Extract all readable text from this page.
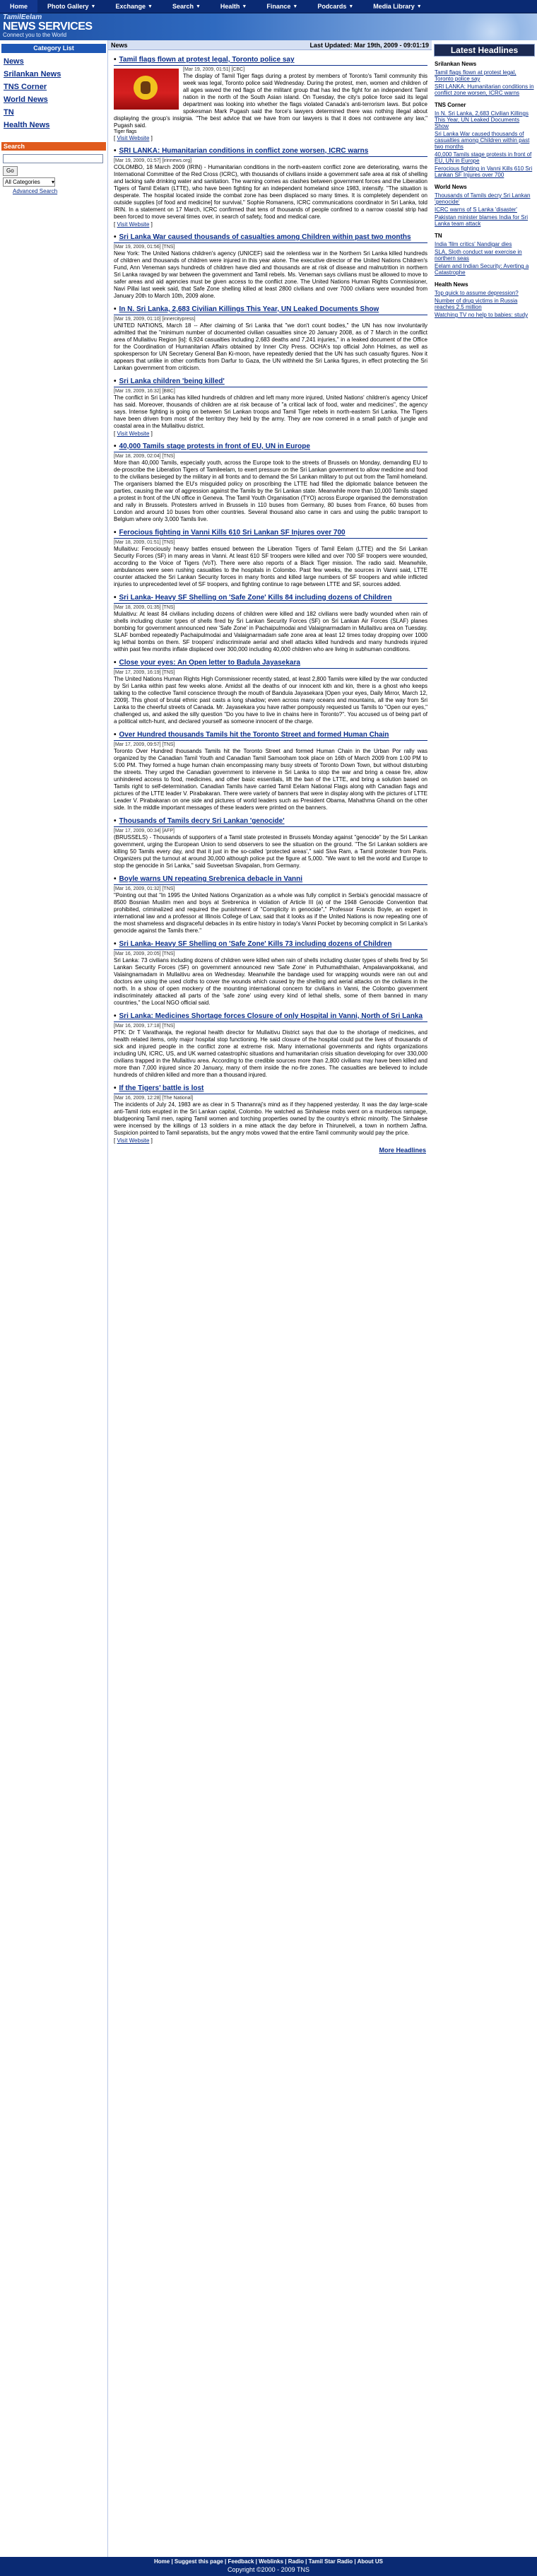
Home	Photo Gallery ▼	Exchange ▼	Search ▼	Health ▼	Finance ▼	Podcards ▼	Media Library ▼
TamilEelam
NEWS SERVICES
Connect you to the World
Category List
News
Srilankan News
TNS Corner
World News
TN
Health News
Search
Go
All Categories ▾
Advanced Search
News	Last Updated: Mar 19th, 2009 - 09:01:19
• Tamil flags flown at protest legal, Toronto police say
[Mar 19, 2009, 01:51] [CBC]
The display of Tamil Tiger flags during a protest by members of Toronto's Tamil community this week was legal, Toronto police said Wednesday. During the protest, men, women and children of all ages waved the red flags of the militant group that has led the fight for an independent Tamil nation in the north of the South Asian island. On Tuesday, the city's police force said its legal department was looking into whether the flags violated Canada's anti-terrorism laws. But police spokesman Mark Pugash said the force's lawyers determined there was nothing illegal about displaying the group's insignia. "The best advice that we have from our lawyers is that it does not contravene any law," Pugash said.
Tiger flags
[ Visit Website ]
• SRI LANKA: Humanitarian conditions in conflict zone worsen, ICRC warns
[Mar 19, 2009, 01:57] [irinnews.org]
COLOMBO, 18 March 2009 (IRIN) - Humanitarian conditions in the north-eastern conflict zone are deteriorating, warns the International Committee of the Red Cross (ICRC), with thousands of civilians inside a government safe area at risk of shelling and lacking safe drinking water and sanitation. The warning comes as clashes between government forces and the Liberation Tigers of Tamil Eelam (LTTE), who have been fighting for an independent homeland since 1983, intensify. "The situation is desperate. The hospital located inside the combat zone has been displaced so many times. It is completely dependent on outside supplies [of food and medicine] for survival," Sophie Romanens, ICRC communications coordinator in Sri Lanka, told IRIN. In a statement on 17 March, ICRC confirmed that tens of thousands of people confined to a narrow coastal strip had been forced to move several times over, in search of safety, food and medical care.
[ Visit Website ]
• Sri Lanka War caused thousands of casualties among Children within past two months
[Mar 19, 2009, 01:56] [TNS]
New York: The United Nations children's agency (UNICEF) said the relentless war in the Northern Sri Lanka killed hundreds of children and thousands of children were injured in this year alone. The executive director of the United Nations Children's Fund, Ann Veneman says hundreds of children have died and thousands are at risk of disease and malnutrition in northern Sri Lanka ravaged by war between the government and Tamil rebels. Ms. Veneman says civilians must be allowed to move to safer areas and aid agencies must be given access to the conflict zone. The United Nations Human Rights Commissioner, Navi Pillai last week said, that Safe Zone shelling killed at least 2800 civilians and over 7000 civilians were wounded from January 20th to March 10th, 2009 alone.
• In N. Sri Lanka, 2,683 Civilian Killings This Year, UN Leaked Documents Show
[Mar 19, 2009, 01:10] [innercitypress]
UNITED NATIONS, March 18 -- After claiming of Sri Lanka that "we don't count bodies," the UN has now involuntarily admitted that the "minimum number of documented civilian casualties since 20 January 2008, as of 7 March in the conflict area of Mullaitivu Region [is]: 6,924 casualties including 2,683 deaths and 7,241 injuries," in a leaked document of the Office for the Coordination of Humanitarian Affairs obtained by Inner City Press. OCHA's top official John Holmes, as well as spokesperson for UN Secretary General Ban Ki-moon, have repeatedly denied that the UN has such casualty figures. Now it appears that unlike in other conflicts from Darfur to Gaza, the UN withheld the Sri Lanka figures, in effect protecting the Sri Lankan government from criticism.
• Sri Lanka children 'being killed'
[Mar 19, 2009, 16:32] [BBC]
The conflict in Sri Lanka has killed hundreds of children and left many more injured, United Nations' children's agency Unicef has said. Moreover, thousands of children are at risk because of "a critical lack of food, water and medicines", the agency says. Intense fighting is going on between Sri Lankan troops and Tamil Tiger rebels in north-eastern Sri Lanka. The Tigers have been driven from most of the territory they held by the army. They are now cornered in a small patch of jungle and coastal area in the Mullaitivu district.
[ Visit Website ]
• 40,000 Tamils stage protests in front of EU, UN in Europe
[Mar 18, 2009, 02:04] [TNS]
More than 40,000 Tamils, especially youth, across the Europe took to the streets of Brussels on Monday, demanding EU to de-proscribe the Liberation Tigers of Tamileelam, to exert pressure on the Sri Lankan government to allow medicine and food to the civilians besieged by the military in all fronts and to demand the Sri Lankan military to put out from the Tamil homeland. The organisers blamed the EU's misguided policy on proscribing the LTTE had filled the diplomatic balance between the parties, causing the war of aggression against the Tamils by the Sri Lankan state. Meanwhile more than 10,000 Tamils staged a protest in front of the UN office in Geneva. The Tamil Youth Organisation (TYO) across Europe organised the demonstration and rally in Brussels. Protesters arrived in Brussels in 110 buses from Germany, 80 buses from France, 60 buses from London and around 10 buses from other countries. Several thousand also came in cars and using the public transport to Belgium where only 3,000 Tamils live.
• Ferocious fighting in Vanni Kills 610 Sri Lankan SF Injures over 700
[Mar 18, 2009, 01:51] [TNS]
Mullaitivu: Ferociously heavy battles ensued between the Liberation Tigers of Tamil Eelam (LTTE) and the Sri Lankan Security Forces (SF) in many areas in Vanni. At least 610 SF troopers were killed and over 700 SF troopers were wounded, according to the Voice of Tigers (VoT). There were also reports of a Black Tiger mission. The radio said. Meanwhile, ambulances were seen rushing casualties to the hospitals in Colombo. Past few weeks, the sources in Vanni said, LTTE counter attacked the Sri Lankan Security forces in many fronts and killed large numbers of SF troopers and while inflicted injuries to unprecedented level of SF troopers, and fighting continue to rage between LTTE and SF, sources added.
• Sri Lanka- Heavy SF Shelling on 'Safe Zone' Kills 84 including dozens of Children
[Mar 18, 2009, 01:35] [TNS]
Mulaitivu: At least 84 civilians including dozens of children were killed and 182 civilians were badly wounded when rain of shells including cluster types of shells fired by Sri Lankan Security Forces (SF) on Sri Lankan Air Forces (SLAF) planes bombing for government announced new 'Safe Zone' in Pachaipulmodai and Valaignarmadam in Mullaitivu area on Tuesday. SLAF bombed repeatedly Pachaipulmodai and Valaignarmadam safe zone area at least 12 times today dropping over 1000 kg lethal bombs on them. SF troopers' indiscriminate aerial and shell attacks killed hundreds and many hundreds injured within past few months inflate displaced over 300,000 including 40,000 children who are living in subhuman conditions.
• Close your eyes: An Open letter to Badula Jayasekara
[Mar 17, 2009, 16:19] [TNS]
The United Nations Human Rights High Commissioner recently stated, at least 2,800 Tamils were killed by the war conducted by Sri Lanka within past few weeks alone. Amidst all the deaths of our innocent kith and kin, there is a ghost who keeps talking to the collective Tamil conscience through the mouth of Bandula Jayasekara [Open your eyes, Daily Mirror, March 12, 2009]. This ghost of brutal ethnic past casts a long shadow; even across many oceans and mountains, all the way from Sri Lanka to the cheerful streets of Canada. Mr. Jayasekara you have rather pompously requested us Tamils to "Open our eyes," challenged us, and asked the silly question "Do you have to live in chains here in Toronto?". You accused us of being part of a political witch-hunt, and declared yourself as someone innocent of the charge.
• Over Hundred thousands Tamils hit the Toronto Street and formed Human Chain
[Mar 17, 2009, 09:57] [TNS]
Toronto Over Hundred thousands Tamils hit the Toronto Street and formed Human Chain in the Urban Por rally was organized by the Canadian Tamil Youth and Canadian Tamil Samooham took place on 16th of March 2009 from 1:00 PM to 5:00 PM. They formed a huge human chain encompassing many busy streets of Toronto Down Town, but without disturbing the streets. They urged the Canadian government to intervene in Sri Lanka to stop the war and bring a cease fire, allow unhindered access to food, medicines, and other basic essentials, lift the ban of the LTTE, and bring a solution based on Tamils right to self-determination. Canadian Tamils have carried Tamil Eelam National Flags along with Canadian flags and pictures of the LTTE leader V. Pirabakaran. There were variety of banners that were in display along with the pictures of LTTE Leader V. Pirabakaran on one side and pictures of world leaders such as President Obama, Mahathma Ghandi on the other side. In the middle important messages of these leaders were printed on the banners.
• Thousands of Tamils decry Sri Lankan 'genocide'
[Mar 17, 2009, 00:34] [AFP]
(BRUSSELS) - Thousands of supporters of a Tamil state protested in Brussels Monday against "genocide" by the Sri Lankan government, urging the European Union to send observers to see the situation on the ground. "The Sri Lankan soldiers are killing 50 Tamils every day, and that it just in the so-called 'protected areas'," said Siva Ram, a Tamil protester from Paris. Organizers put the turnout at around 30,000 although police put the figure at 5,000. "We want to tell the world and Europe to stop the genocide in Sri Lanka," said Suveetsan Sivapalan, from Germany.
• Boyle warns UN repeating Srebrenica debacle in Vanni
[Mar 16, 2009, 01:32] [TNS]
"Pointing out that "In 1995 the United Nations Organization as a whole was fully complicit in Serbia's genocidal massacre of 8500 Bosnian Muslim men and boys at Srebrenica in violation of Article III (a) of the 1948 Genocide Convention that prohibited, criminalized and required the punishment of "Complicity in genocide"," Professor Francis Boyle, an expert in international law and a professor at Illinois College of Law, said that it looks as if the United Nations is now repeating one of the most shameless and disgraceful debacles in its entire history in today's Vanni Pocket by becoming complicit in Sri Lanka's genocide against the Tamils there."
• Sri Lanka- Heavy SF Shelling on 'Safe Zone' Kills 73 including dozens of Children
[Mar 16, 2009, 20:05] [TNS]
Sri Lanka: 73 civilians including dozens of children were killed when rain of shells including cluster types of shells fired by Sri Lankan Security Forces (SF) on government announced new 'Safe Zone' in Puthumaththalan, Ampalavanpokkanai, and Valaingnamadam in Mullaitivu area on Wednesday. Meanwhile the bandage used for wrapping wounds were ran out and doctors are using the used cloths to cover the wounds which caused by the shelling and aerial attacks on the civilians in the north. In a show of open mockery of the mounting international concern for civilians in Vanni, the Colombo government indiscriminately attacked all parts of the 'safe zone' using every kind of lethal shells, some of them banned in many countries," the Local NGO official said.
• Sri Lanka: Medicines Shortage forces Closure of only Hospital in Vanni, North of Sri Lanka
[Mar 16, 2009, 17:18] [TNS]
PTK: Dr T Varatharaja, the regional health director for Mullaitivu District says that due to the shortage of medicines, and health related items, only major hospital stop functioning. He said closure of the hospital could put the lives of thousands of sick and injured people in the conflict zone at extreme risk. Many international governments and rights organizations including UN, ICRC, US, and UK warned catastrophic situations and humanitarian crisis situation developing for over 330,000 civilians trapped in the Mullaitivu area. According to the credible sources more than 2,800 civilians may have been killed and more than 7,000 injured since 20 January, many of them inside the no-fire zones. The casualties are believed to include hundreds of children killed and more than a thousand injured.
• If the Tigers’ battle is lost
[Mar 16, 2009, 12:28] [The National]
The incidents of July 24, 1983 are as clear in S Thananraj’s mind as if they happened yesterday. It was the day large-scale anti-Tamil riots erupted in the Sri Lankan capital, Colombo. He watched as Sinhalese mobs went on a murderous rampage, bludgeoning Tamil men, raping Tamil women and torching properties owned by the country’s ethnic minority. The Sinhalese were incensed by the killings of 13 soldiers in a mine attack the day before in Thirunelveli, a town in northern Jaffna. Suspicion pointed to Tamil separatists, but the angry mobs vowed that the entire Tamil community would pay the price.
[ Visit Website ]
More Headlines
Latest Headlines
Srilankan News
Tamil flags flown at protest legal, Toronto police say
SRI LANKA: Humanitarian conditions in conflict zone worsen, ICRC warns
TNS Corner
In N. Sri Lanka, 2,683 Civilian Killings This Year, UN Leaked Documents Show
Sri Lanka War caused thousands of casualties among Children within past two months
40,000 Tamils stage protests in front of EU, UN in Europe
Ferocious fighting in Vanni Kills 610 Sri Lankan SF Injures over 700
World News
Thousands of Tamils decry Sri Lankan 'genocide'
ICRC warns of S Lanka 'disaster'
Pakistan minister blames India for Sri Lanka team attack
TN
India 'film critics' Nandigar dies
SLA, Sloth conduct war exercise in northern seas
Eelam and Indian Security: Averting a Catastrophe
Health News
Top quick to assume depression?
Number of drug victims in Russia reaches 2.5 million
Watching TV no help to babies: study
Home | Suggest this page | Feedback | Weblinks | Radio | Tamil Star Radio | About US
Copyright ©2000 - 2009 TNS
